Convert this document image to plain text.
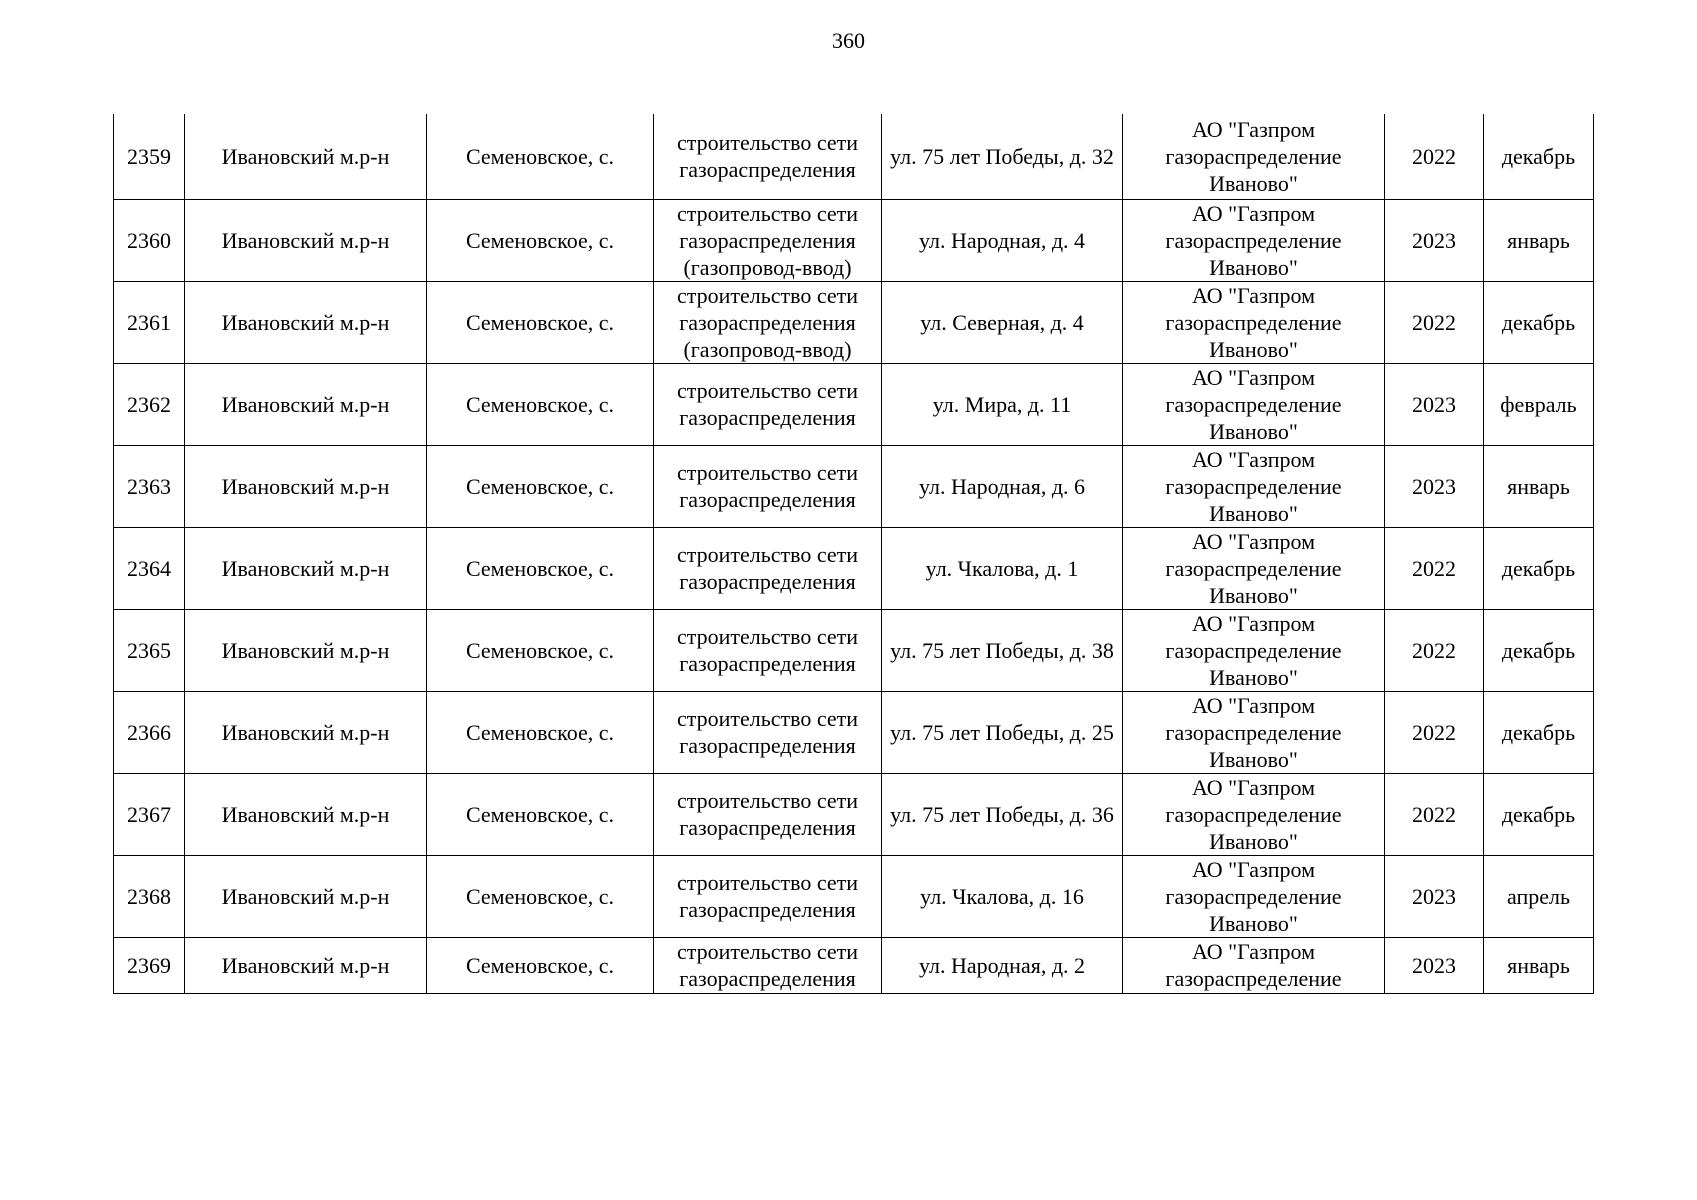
360
2359	Ивановский м.р-н	Семеновское, с.	строительство сети газораспределения	ул. 75 лет Победы, д. 32	АО "Газпром газораспределение Иваново"	2022	декабрь
2360	Ивановский м.р-н	Семеновское, с.	строительство сети газораспределения (газопровод-ввод)	ул. Народная, д. 4	АО "Газпром газораспределение Иваново"	2023	январь
2361	Ивановский м.р-н	Семеновское, с.	строительство сети газораспределения (газопровод-ввод)	ул. Северная, д. 4	АО "Газпром газораспределение Иваново"	2022	декабрь
2362	Ивановский м.р-н	Семеновское, с.	строительство сети газораспределения	ул. Мира, д. 11	АО "Газпром газораспределение Иваново"	2023	февраль
2363	Ивановский м.р-н	Семеновское, с.	строительство сети газораспределения	ул. Народная, д. 6	АО "Газпром газораспределение Иваново"	2023	январь
2364	Ивановский м.р-н	Семеновское, с.	строительство сети газораспределения	ул. Чкалова, д. 1	АО "Газпром газораспределение Иваново"	2022	декабрь
2365	Ивановский м.р-н	Семеновское, с.	строительство сети газораспределения	ул. 75 лет Победы, д. 38	АО "Газпром газораспределение Иваново"	2022	декабрь
2366	Ивановский м.р-н	Семеновское, с.	строительство сети газораспределения	ул. 75 лет Победы, д. 25	АО "Газпром газораспределение Иваново"	2022	декабрь
2367	Ивановский м.р-н	Семеновское, с.	строительство сети газораспределения	ул. 75 лет Победы, д. 36	АО "Газпром газораспределение Иваново"	2022	декабрь
2368	Ивановский м.р-н	Семеновское, с.	строительство сети газораспределения	ул. Чкалова, д. 16	АО "Газпром газораспределение Иваново"	2023	апрель
2369	Ивановский м.р-н	Семеновское, с.	строительство сети газораспределения	ул. Народная, д. 2	АО "Газпром газораспределение	2023	январь
